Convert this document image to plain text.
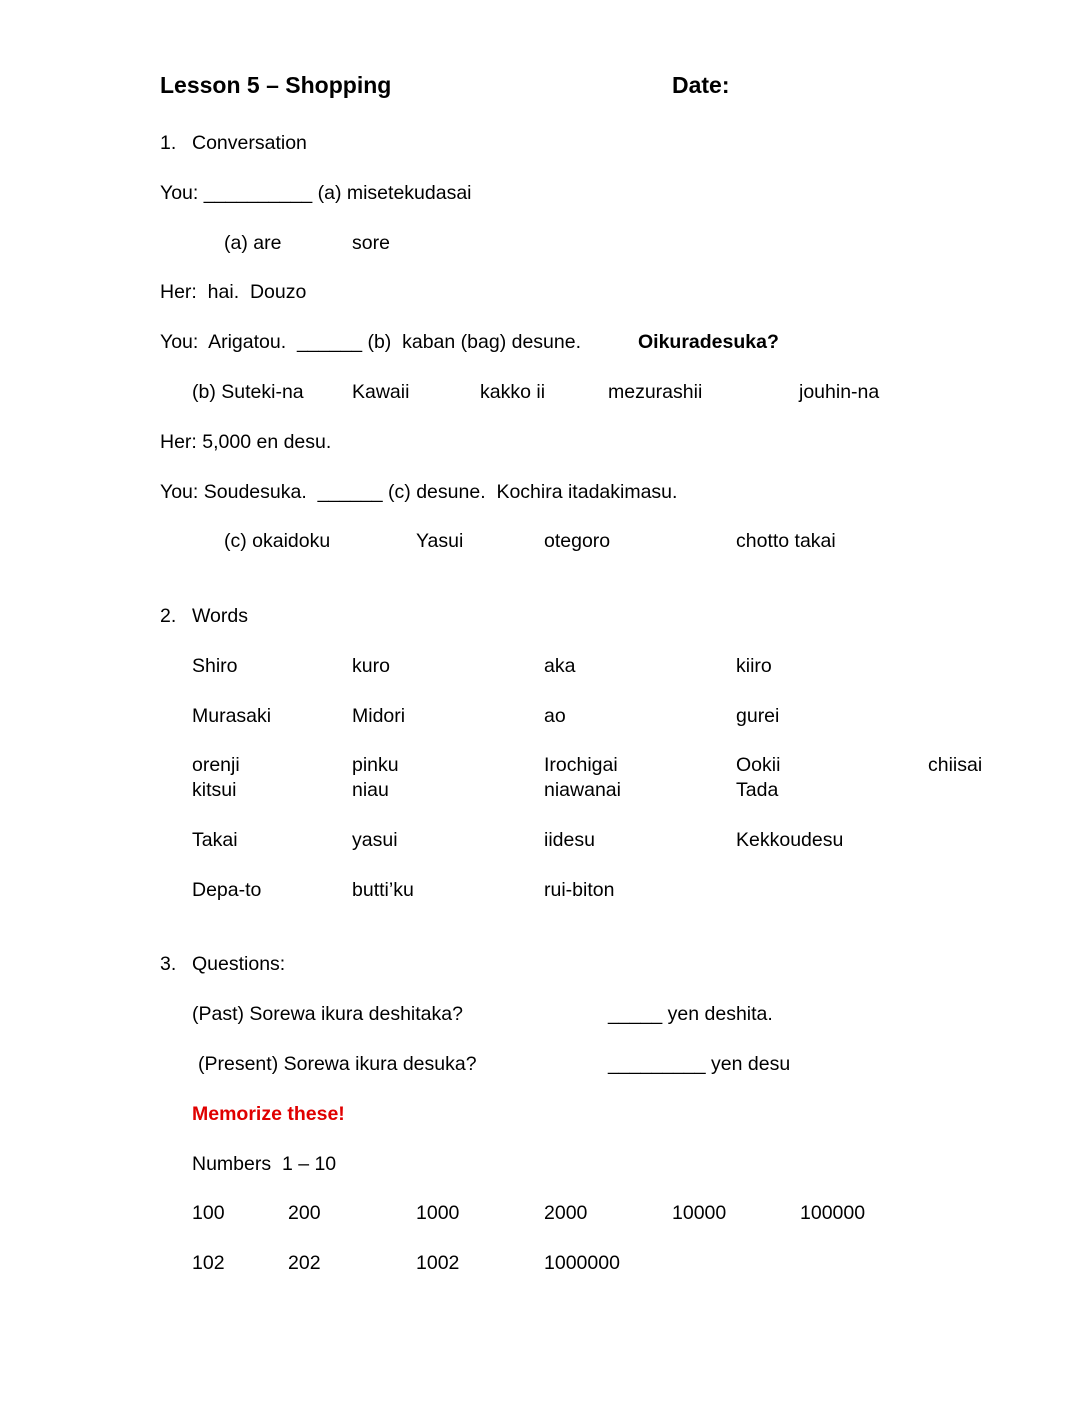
Lesson 5 – Shopping	Date:
1. Conversation
You: __________ (a) misetekudasai
(a) are	sore
Her:  hai.  Douzo
You:  Arigatou.  ______ (b)  kaban (bag) desune.	Oikuradesuka?
(b) Suteki-na Kawaii	kakko ii	mezurashii	jouhin-na
Her: 5,000 en desu.
You: Soudesuka.  ______ (c) desune.  Kochira itadakimasu.
(c) okaidoku	Yasui	otegoro	chotto takai
2. Words
Shiro	kuro	aka	kiiro
Murasaki	Midori	ao	gurei
orenji	pinku	Irochigai	Ookii	chiisai
kitsui	niau	niawanai	Tada
Takai	yasui	iidesu	Kekkoudesu
Depa-to	butti’ku	rui-biton
3. Questions:
(Past) Sorewa ikura deshitaka?	_____ yen deshita.
(Present) Sorewa ikura desuka?	_________ yen desu
Memorize these!
Numbers  1 – 10
100	200	1000	2000	10000	100000
102	202	1002	1000000
